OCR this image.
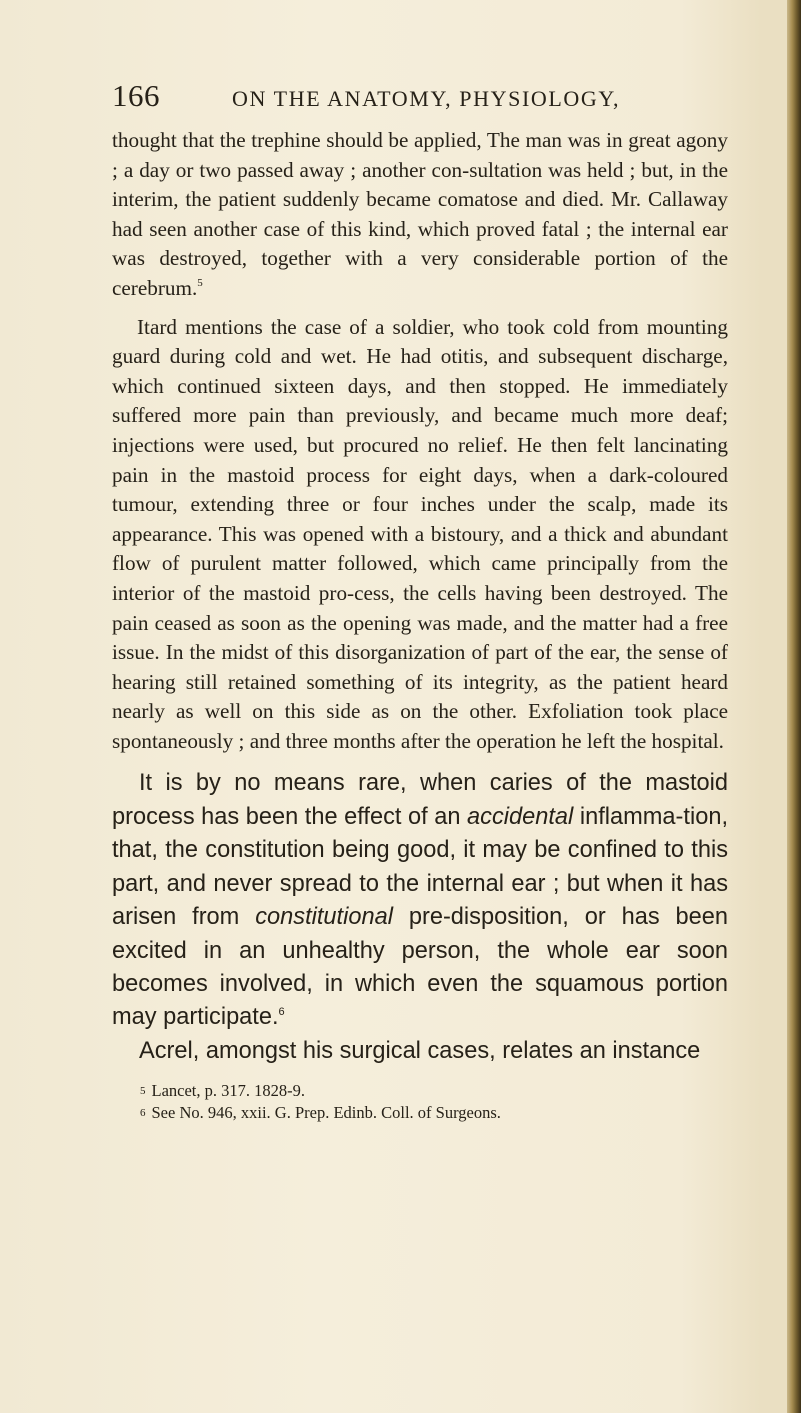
166	ON THE ANATOMY, PHYSIOLOGY,

thought that the trephine should be applied, The man was in great agony ; a day or two passed away ; another con-sultation was held ; but, in the interim, the patient suddenly became comatose and died. Mr. Callaway had seen another case of this kind, which proved fatal ; the internal ear was destroyed, together with a very considerable portion of the cerebrum.$^5$

Itard mentions the case of a soldier, who took cold from mounting guard during cold and wet. He had otitis, and subsequent discharge, which continued sixteen days, and then stopped. He immediately suffered more pain than previously, and became much more deaf; injections were used, but procured no relief. He then felt lancinating pain in the mastoid process for eight days, when a dark-coloured tumour, extending three or four inches under the scalp, made its appearance. This was opened with a bistoury, and a thick and abundant flow of purulent matter followed, which came principally from the interior of the mastoid pro-cess, the cells having been destroyed. The pain ceased as soon as the opening was made, and the matter had a free issue. In the midst of this disorganization of part of the ear, the sense of hearing still retained something of its integrity, as the patient heard nearly as well on this side as on the other. Exfoliation took place spontaneously ; and three months after the operation he left the hospital.

It is by no means rare, when caries of the mastoid process has been the effect of an accidental inflamma-tion, that, the constitution being good, it may be confined to this part, and never spread to the internal ear ; but when it has arisen from constitutional pre-disposition, or has been excited in an unhealthy person, the whole ear soon becomes involved, in which even the squamous portion may participate.$^6$

Acrel, amongst his surgical cases, relates an instance

5 Lancet, p. 317. 1828-9.
6 See No. 946, xxii. G. Prep. Edinb. Coll. of Surgeons.
